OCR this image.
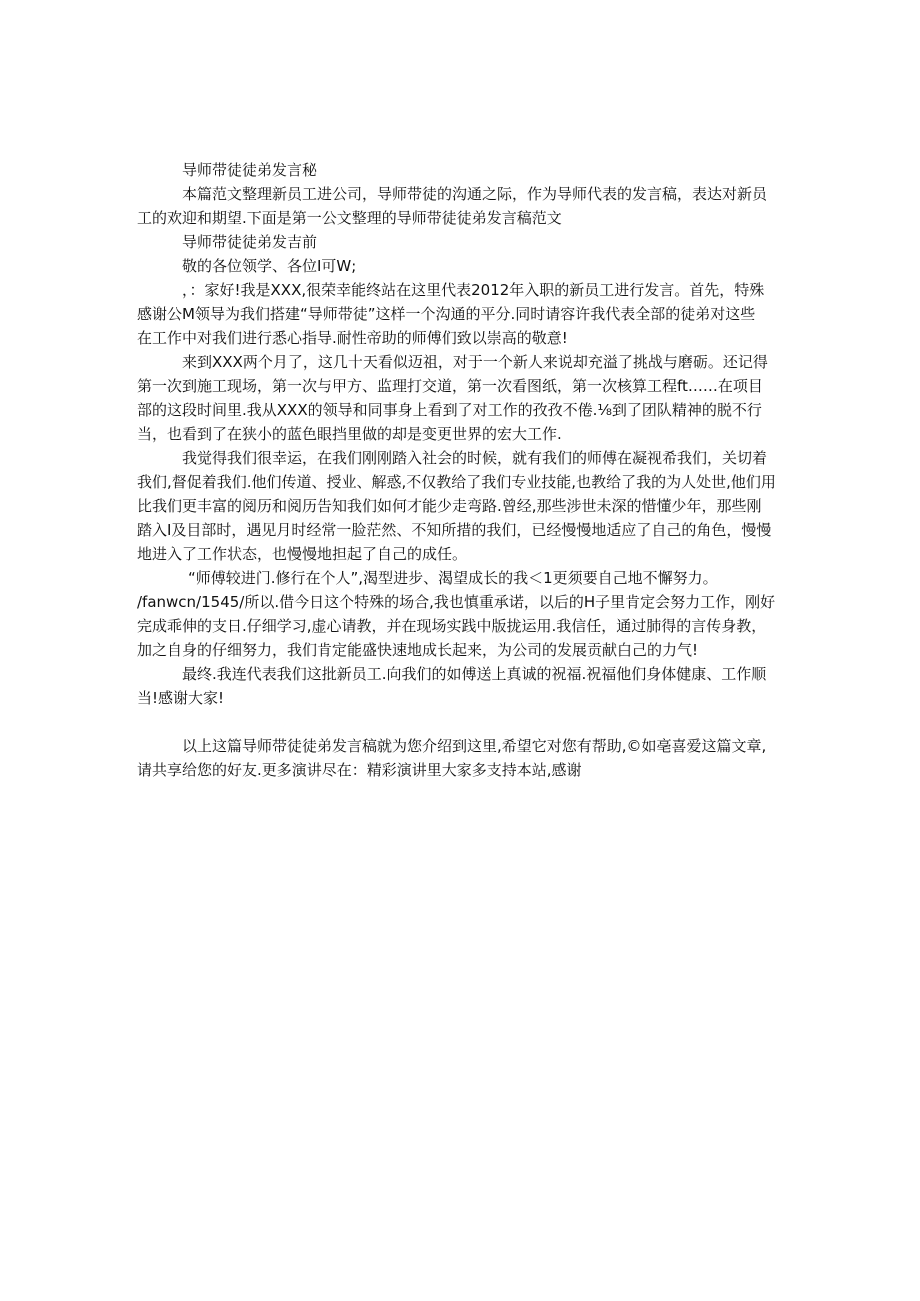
导师带徒徒弟发言秘
本篇范文整理新员工进公司，导师带徒的沟通之际，作为导师代表的发言稿，表达对新员
工的欢迎和期望.下面是第一公文整理的导师带徒徒弟发言稿范文
导师带徒徒弟发吉前
敬的各位领学、各位I可W;
，：家好!我是XXX,很荣幸能终站在这里代表2012年入职的新员工进行发言。首先，特殊
感谢公M领导为我们搭建“导师带徒”这样一个沟通的平分.同时请容许我代表全部的徒弟对这些
在工作中对我们进行悉心指导.耐性帝助的师傅们致以崇高的敬意!
来到XXX两个月了，这几十天看似迈祖，对于一个新人来说却充溢了挑战与磨砺。还记得
第一次到施工现场，第一次与甲方、监理打交道，第一次看图纸，第一次核算工程ft……在项目
部的这段时间里.我从XXX的领导和同事身上看到了对工作的孜孜不倦.⅛到了团队精神的脱不行
当，也看到了在狭小的蓝色眼挡里做的却是变更世界的宏大工作.
我觉得我们很幸运，在我们刚刚踏入社会的时候，就有我们的师傅在凝视希我们，关切着
我们,督促着我们.他们传道、授业、解惑,不仅教给了我们专业技能,也教给了我的为人处世,他们用
比我们更丰富的阅历和阅历告知我们如何才能少走弯路.曾经,那些涉世未深的惜懂少年，那些刚
踏入I及目部时，遇见月时经常一脸茫然、不知所措的我们，已经慢慢地适应了自己的角色，慢慢
地进入了工作状态，也慢慢地担起了自己的成任。
“师傅较进门.修行在个人”,渴型进步、渴望成长的我＜1更须要自己地不懈努力。
/fanwcn/1545/所以.借今日这个特殊的场合,我也慎重承诺，以后的H子里肯定会努力工作，刚好
完成乖伸的支日.仔细学习,虚心请教，并在现场实践中版拢运用.我信任，通过肺得的言传身教，
加之自身的仔细努力，我们肯定能盛快速地成长起来，为公司的发展贡献白己的力气!
最终.我连代表我们这批新员工.向我们的如傅送上真诚的祝福.祝福他们身体健康、工作顺
当!感谢大家!
以上这篇导师带徒徒弟发言稿就为您介绍到这里,希望它对您有帮助,©如亳喜爱这篇文章,
请共享给您的好友.更多演讲尽在：精彩演讲里大家多支持本站,感谢
